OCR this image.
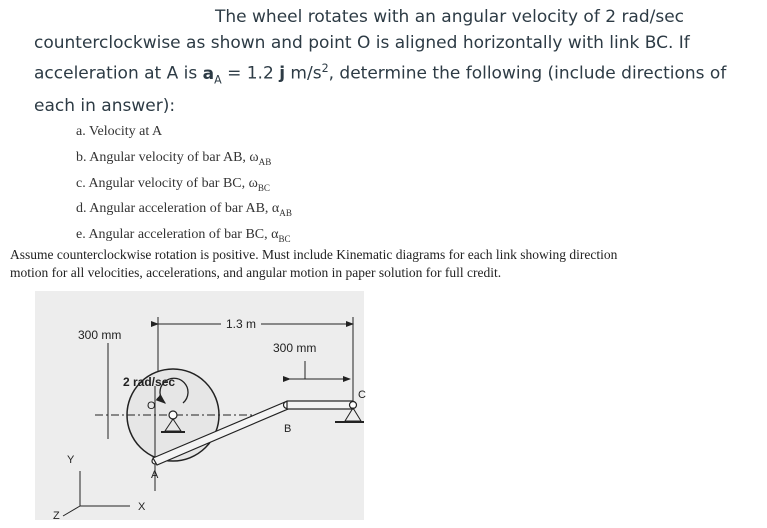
The wheel rotates with an angular velocity of 2 rad/sec

counterclockwise as shown and point O is aligned horizontally with link BC. If
acceleration at A is $a_A = 1.2$ j $m/s^2$, determine the following (include directions of
each in answer):
a. Velocity at A
b. Angular velocity of bar AB, $\omega_{AB}$
c. Angular velocity of bar BC, $\omega_{BC}$
d. Angular acceleration of bar AB, $\alpha_{AB}$
e. Angular acceleration of bar BC, $\alpha_{BC}$
Assume counterclockwise rotation is positive. Must include Kinematic diagrams for each link showing direction
motion for all velocities, accelerations, and angular motion in paper solution for full credit.
1.3 m
300 mm
300 mm
O
2 rad/sec
A
B
C
Y
X
Z
